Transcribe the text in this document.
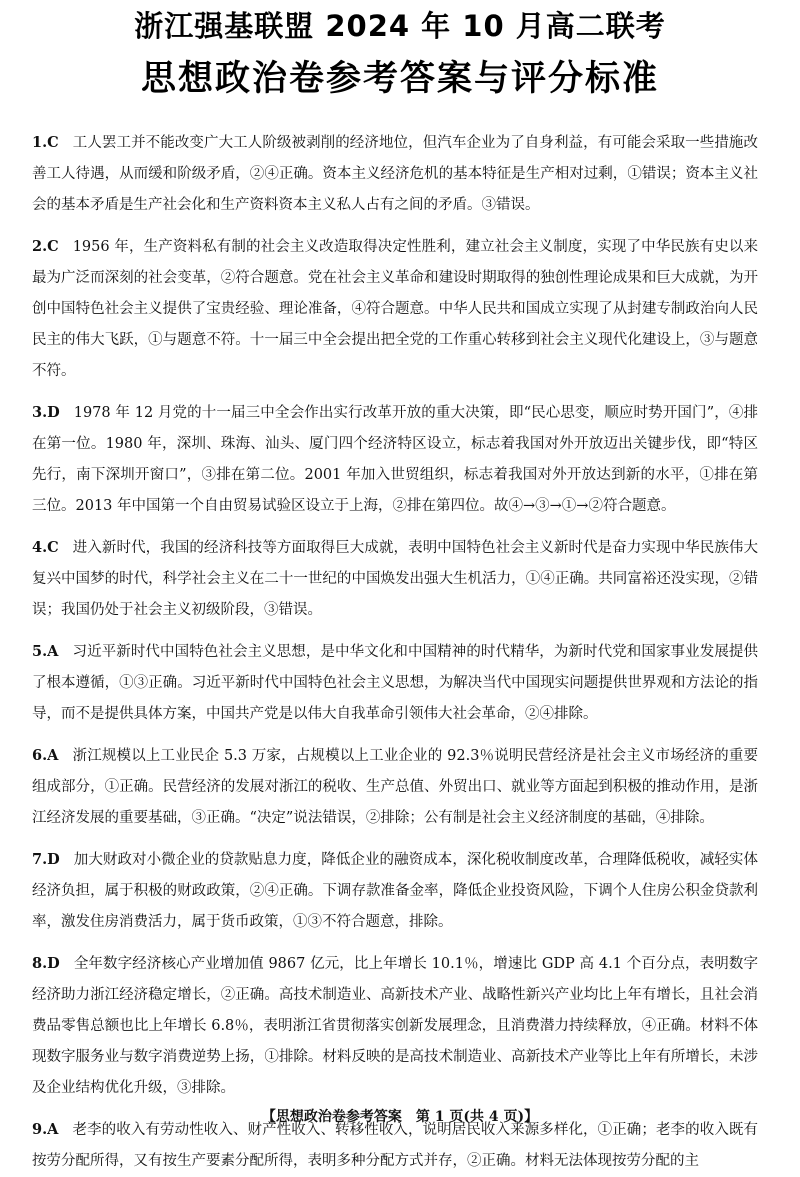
浙江强基联盟 2024 年 10 月高二联考
思想政治卷参考答案与评分标准

1.C 工人罢工并不能改变广大工人阶级被剥削的经济地位，但汽车企业为了自身利益，有可能会采取一些措施改善工人待遇，从而缓和阶级矛盾，②④正确。资本主义经济危机的基本特征是生产相对过剩，①错误；资本主义社会的基本矛盾是生产社会化和生产资料资本主义私人占有之间的矛盾。③错误。

2.C 1956 年，生产资料私有制的社会主义改造取得决定性胜利，建立社会主义制度，实现了中华民族有史以来最为广泛而深刻的社会变革，②符合题意。党在社会主义革命和建设时期取得的独创性理论成果和巨大成就，为开创中国特色社会主义提供了宝贵经验、理论准备，④符合题意。中华人民共和国成立实现了从封建专制政治向人民民主的伟大飞跃，①与题意不符。十一届三中全会提出把全党的工作重心转移到社会主义现代化建设上，③与题意不符。

3.D 1978 年 12 月党的十一届三中全会作出实行改革开放的重大决策，即“民心思变，顺应时势开国门”，④排在第一位。1980 年，深圳、珠海、汕头、厦门四个经济特区设立，标志着我国对外开放迈出关键步伐，即“特区先行，南下深圳开窗口”，③排在第二位。2001 年加入世贸组织，标志着我国对外开放达到新的水平，①排在第三位。2013 年中国第一个自由贸易试验区设立于上海，②排在第四位。故④→③→①→②符合题意。

4.C 进入新时代，我国的经济科技等方面取得巨大成就，表明中国特色社会主义新时代是奋力实现中华民族伟大复兴中国梦的时代，科学社会主义在二十一世纪的中国焕发出强大生机活力，①④正确。共同富裕还没实现，②错误；我国仍处于社会主义初级阶段，③错误。

5.A 习近平新时代中国特色社会主义思想，是中华文化和中国精神的时代精华，为新时代党和国家事业发展提供了根本遵循，①③正确。习近平新时代中国特色社会主义思想，为解决当代中国现实问题提供世界观和方法论的指导，而不是提供具体方案，中国共产党是以伟大自我革命引领伟大社会革命，②④排除。

6.A 浙江规模以上工业民企 5.3 万家，占规模以上工业企业的 92.3％说明民营经济是社会主义市场经济的重要组成部分，①正确。民营经济的发展对浙江的税收、生产总值、外贸出口、就业等方面起到积极的推动作用，是浙江经济发展的重要基础，③正确。“决定”说法错误，②排除；公有制是社会主义经济制度的基础，④排除。

7.D 加大财政对小微企业的贷款贴息力度，降低企业的融资成本，深化税收制度改革，合理降低税收，减轻实体经济负担，属于积极的财政政策，②④正确。下调存款准备金率，降低企业投资风险，下调个人住房公积金贷款利率，激发住房消费活力，属于货币政策，①③不符合题意，排除。

8.D 全年数字经济核心产业增加值 9867 亿元，比上年增长 10.1％，增速比 GDP 高 4.1 个百分点，表明数字经济助力浙江经济稳定增长，②正确。高技术制造业、高新技术产业、战略性新兴产业均比上年有增长，且社会消费品零售总额也比上年增长 6.8％，表明浙江省贯彻落实创新发展理念，且消费潜力持续释放，④正确。材料不体现数字服务业与数字消费逆势上扬，①排除。材料反映的是高技术制造业、高新技术产业等比上年有所增长，未涉及企业结构优化升级，③排除。

9.A 老李的收入有劳动性收入、财产性收入、转移性收入，说明居民收入来源多样化，①正确；老李的收入既有按劳分配所得，又有按生产要素分配所得，表明多种分配方式并存，②正确。材料无法体现按劳分配的主

【思想政治卷参考答案　第 1 页(共 4 页)】
